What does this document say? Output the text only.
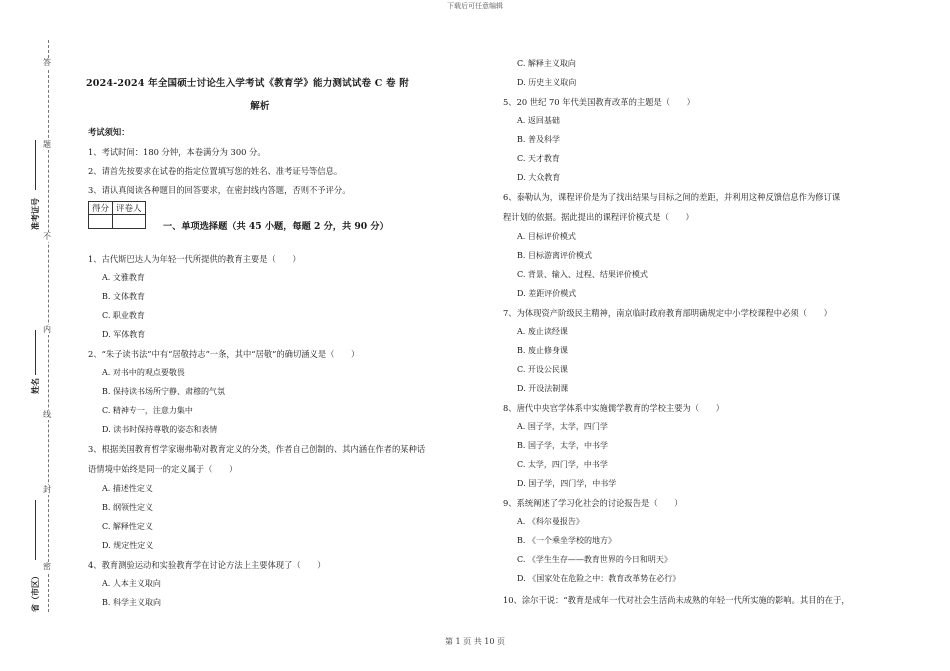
下载后可任意编辑
答
题
不
内
线
封
密
准考证号
姓名
省（市区）
2024-2024 年全国硕士讨论生入学考试《教育学》能力测试试卷 C 卷 附
解析
考试须知：
1、考试时间：180 分钟，本卷满分为 300 分。
2、请首先按要求在试卷的指定位置填写您的姓名、准考证号等信息。
3、请认真阅读各种题目的回答要求，在密封线内答题，否则不予评分。
得分	评卷人

一、单项选择题（共 45 小题，每题 2 分，共 90 分）
1、古代斯巴达人为年轻一代所提供的教育主要是（　　）
A. 文雅教育
B. 文体教育
C. 职业教育
D. 军体教育
2、“朱子读书法”中有“居敬持志”一条，其中“居敬”的确切涵义是（　　）
A. 对书中的观点要敬畏
B. 保持读书场所宁静、肃穆的气氛
C. 精神专一，注意力集中
D. 读书时保持尊敬的姿态和表情
3、根据美国教育哲学家谢弗勒对教育定义的分类，作者自己创制的、其内涵在作者的某种话
语情境中始终是同一的定义属于（　　）
A. 描述性定义
B. 纲领性定义
C. 解释性定义
D. 规定性定义
4、教育测验运动和实验教育学在讨论方法上主要体现了（　　）
A. 人本主义取向
B. 科学主义取向
C. 解释主义取向
D. 历史主义取向
5、20 世纪 70 年代美国教育改革的主题是（　　）
A. 返回基础
B. 普及科学
C. 天才教育
D. 大众教育
6、泰勒认为，课程评价是为了找出结果与目标之间的差距，并利用这种反馈信息作为修订课
程计划的依据。据此提出的课程评价模式是（　　）
A. 目标评价模式
B. 目标游离评价模式
C. 背景、输入、过程、结果评价模式
D. 差距评价模式
7、为体现资产阶级民主精神，南京临时政府教育部明确规定中小学校课程中必须（　　）
A. 废止读经课
B. 废止修身课
C. 开设公民课
D. 开设法制课
8、唐代中央官学体系中实施儒学教育的学校主要为（　　）
A. 国子学，太学，四门学
B. 国子学，太学，中书学
C. 太学，四门学，中书学
D. 国子学，四门学，中书学
9、系统阐述了学习化社会的讨论报告是（　　）
A. 《科尔曼报告》
B. 《一个乘坐学校的地方》
C. 《学生生存——教育世界的今日和明天》
D. 《国家处在危险之中：教育改革势在必行》
10、涂尔干说：“教育是成年一代对社会生活尚未成熟的年轻一代所实施的影响。其目的在于，
第 1 页 共 10 页
